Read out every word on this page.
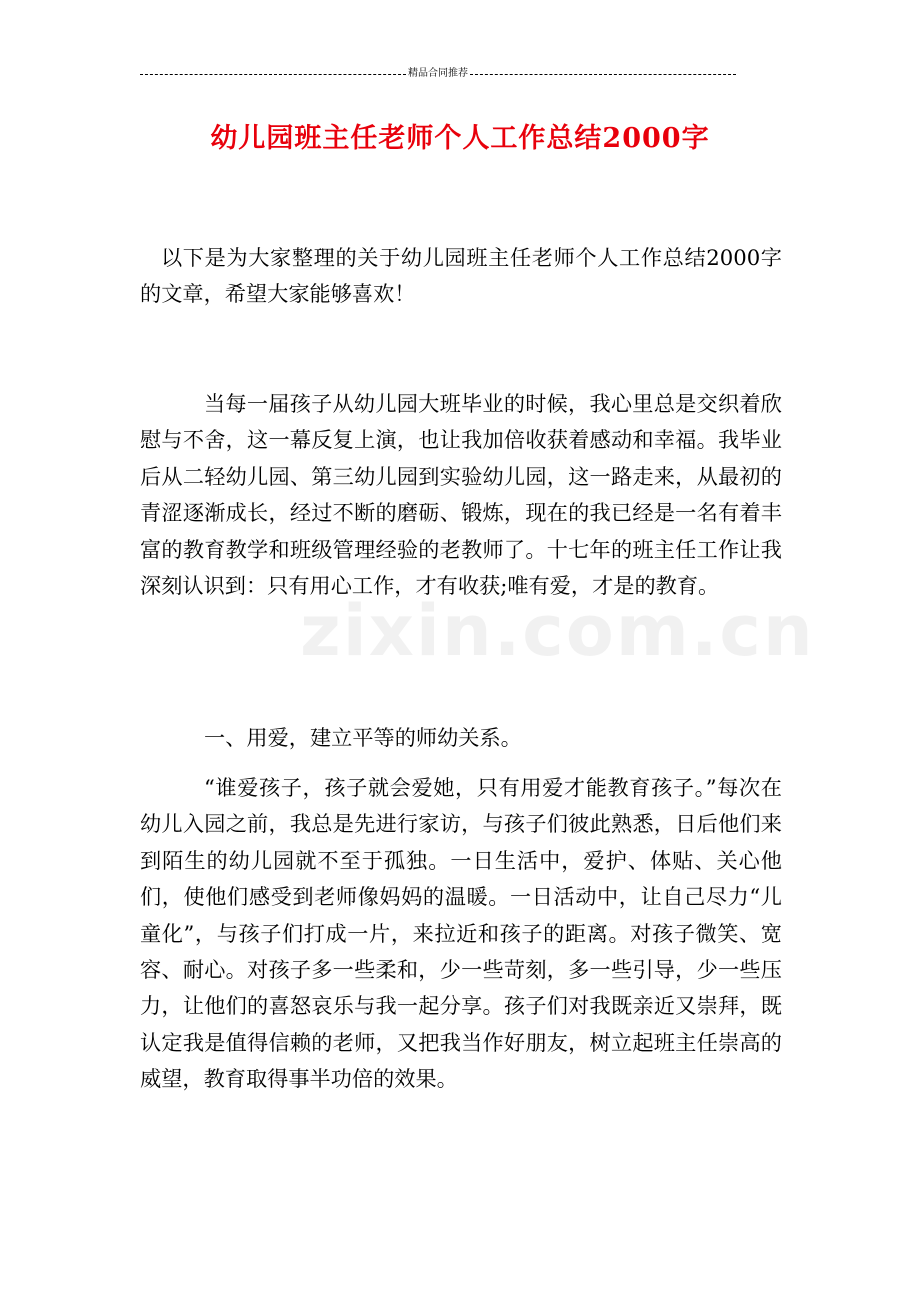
精品合同推荐
幼儿园班主任老师个人工作总结2000字
zixin.com.cn

以下是为大家整理的关于幼儿园班主任老师个人工作总结2000字的文章，希望大家能够喜欢！

当每一届孩子从幼儿园大班毕业的时候，我心里总是交织着欣慰与不舍，这一幕反复上演，也让我加倍收获着感动和幸福。我毕业后从二轻幼儿园、第三幼儿园到实验幼儿园，这一路走来，从最初的青涩逐渐成长，经过不断的磨砺、锻炼，现在的我已经是一名有着丰富的教育教学和班级管理经验的老教师了。十七年的班主任工作让我深刻认识到：只有用心工作，才有收获;唯有爱，才是的教育。

一、用爱，建立平等的师幼关系。

“谁爱孩子，孩子就会爱她，只有用爱才能教育孩子。”每次在幼儿入园之前，我总是先进行家访，与孩子们彼此熟悉，日后他们来到陌生的幼儿园就不至于孤独。一日生活中，爱护、体贴、关心他们，使他们感受到老师像妈妈的温暖。一日活动中，让自己尽力“儿童化”，与孩子们打成一片，来拉近和孩子的距离。对孩子微笑、宽容、耐心。对孩子多一些柔和，少一些苛刻，多一些引导，少一些压力，让他们的喜怒哀乐与我一起分享。孩子们对我既亲近又崇拜，既认定我是值得信赖的老师，又把我当作好朋友，树立起班主任崇高的威望，教育取得事半功倍的效果。
